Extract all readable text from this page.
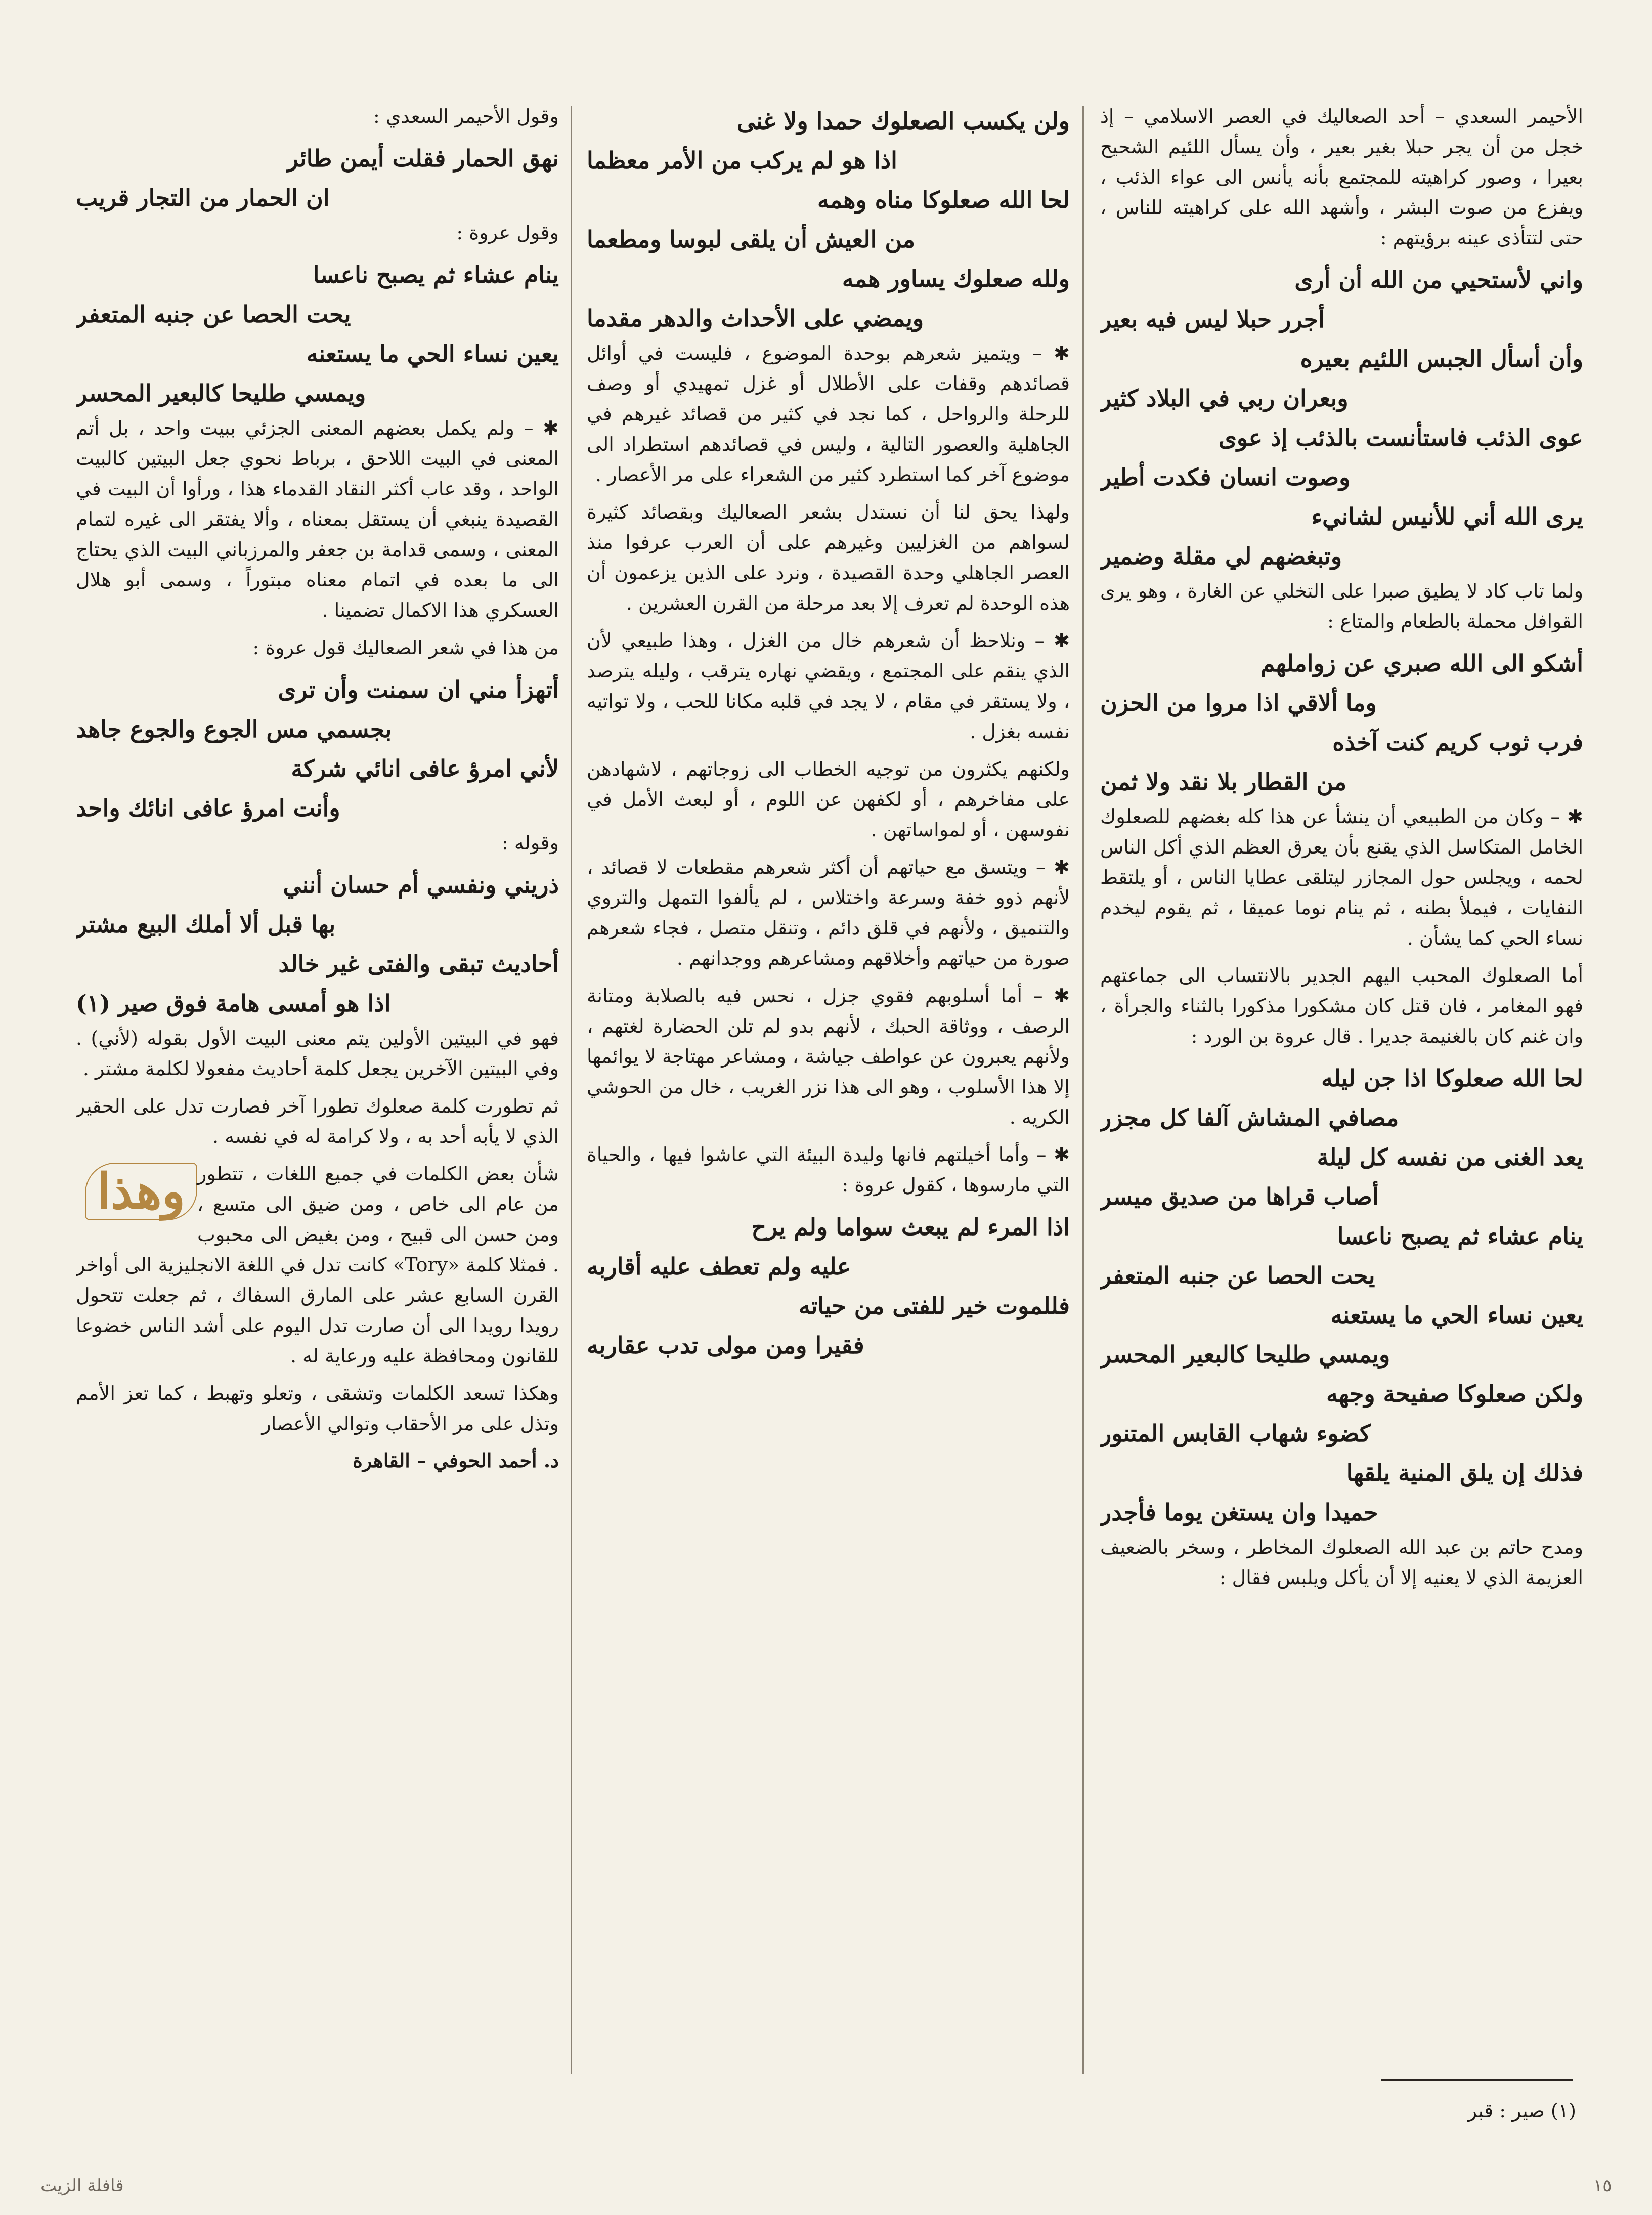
الأحيمر السعدي – أحد الصعاليك في العصر الاسلامي – إذ خجل من أن يجر حبلا بغير بعير ، وأن يسأل اللئيم الشحيح بعيرا ، وصور كراهيته للمجتمع بأنه يأنس الى عواء الذئب ، ويفزع من صوت البشر ، وأشهد الله على كراهيته للناس ، حتى لتتأذى عينه برؤيتهم :

واني لأستحيي من الله أن أرى
أجرر حبلا ليس فيه بعير
وأن أسأل الجبس اللئيم بعيره
وبعران ربي في البلاد كثير
عوى الذئب فاستأنست بالذئب إذ عوى
وصوت انسان فكدت أطير
يرى الله أني للأنيس لشانيء
وتبغضهم لي مقلة وضمير

ولما تاب كاد لا يطيق صبرا على التخلي عن الغارة ، وهو يرى القوافل محملة بالطعام والمتاع :

أشكو الى الله صبري عن زواملهم
وما ألاقي اذا مروا من الحزن
فرب ثوب كريم كنت آخذه
من القطار بلا نقد ولا ثمن

✱ – وكان من الطبيعي أن ينشأ عن هذا كله بغضهم للصعلوك الخامل المتكاسل الذي يقنع بأن يعرق العظم الذي أكل الناس لحمه ، ويجلس حول المجازر ليتلقى عطايا الناس ، أو يلتقط النفايات ، فيملأ بطنه ، ثم ينام نوما عميقا ، ثم يقوم ليخدم نساء الحي كما يشأن .

أما الصعلوك المحبب اليهم الجدير بالانتساب الى جماعتهم فهو المغامر ، فان قتل كان مشكورا مذكورا بالثناء والجرأة ، وان غنم كان بالغنيمة جديرا . قال عروة بن الورد :

لحا الله صعلوكا اذا جن ليله
مصافي المشاش آلفا كل مجزر
يعد الغنى من نفسه كل ليلة
أصاب قراها من صديق ميسر
ينام عشاء ثم يصبح ناعسا
يحت الحصا عن جنبه المتعفر
يعين نساء الحي ما يستعنه
ويمسي طليحا كالبعير المحسر
ولكن صعلوكا صفيحة وجهه
كضوء شهاب القابس المتنور
فذلك إن يلق المنية يلقها
حميدا وان يستغن يوما فأجدر

ومدح حاتم بن عبد الله الصعلوك المخاطر ، وسخر بالضعيف العزيمة الذي لا يعنيه إلا أن يأكل ويلبس فقال :

ولن يكسب الصعلوك حمدا ولا غنى
اذا هو لم يركب من الأمر معظما
لحا الله صعلوكا مناه وهمه
من العيش أن يلقى لبوسا ومطعما
ولله صعلوك يساور همه
ويمضي على الأحداث والدهر مقدما

✱ – ويتميز شعرهم بوحدة الموضوع ، فليست في أوائل قصائدهم وقفات على الأطلال أو غزل تمهيدي أو وصف للرحلة والرواحل ، كما نجد في كثير من قصائد غيرهم في الجاهلية والعصور التالية ، وليس في قصائدهم استطراد الى موضوع آخر كما استطرد كثير من الشعراء على مر الأعصار .

ولهذا يحق لنا أن نستدل بشعر الصعاليك وبقصائد كثيرة لسواهم من الغزليين وغيرهم على أن العرب عرفوا منذ العصر الجاهلي وحدة القصيدة ، ونرد على الذين يزعمون أن هذه الوحدة لم تعرف إلا بعد مرحلة من القرن العشرين .

✱ – ونلاحظ أن شعرهم خال من الغزل ، وهذا طبيعي لأن الذي ينقم على المجتمع ، ويقضي نهاره يترقب ، وليله يترصد ، ولا يستقر في مقام ، لا يجد في قلبه مكانا للحب ، ولا تواتيه نفسه بغزل .

ولكنهم يكثرون من توجيه الخطاب الى زوجاتهم ، لاشهادهن على مفاخرهم ، أو لكفهن عن اللوم ، أو لبعث الأمل في نفوسهن ، أو لمواساتهن .

✱ – ويتسق مع حياتهم أن أكثر شعرهم مقطعات لا قصائد ، لأنهم ذوو خفة وسرعة واختلاس ، لم يألفوا التمهل والتروي والتنميق ، ولأنهم في قلق دائم ، وتنقل متصل ، فجاء شعرهم صورة من حياتهم وأخلاقهم ومشاعرهم ووجدانهم .

✱ – أما أسلوبهم فقوي جزل ، نحس فيه بالصلابة ومتانة الرصف ، ووثاقة الحبك ، لأنهم بدو لم تلن الحضارة لغتهم ، ولأنهم يعبرون عن عواطف جياشة ، ومشاعر مهتاجة لا يوائمها إلا هذا الأسلوب ، وهو الى هذا نزر الغريب ، خال من الحوشي الكريه .

✱ – وأما أخيلتهم فانها وليدة البيئة التي عاشوا فيها ، والحياة التي مارسوها ، كقول عروة :

اذا المرء لم يبعث سواما ولم يرح
عليه ولم تعطف عليه أقاربه
فللموت خير للفتى من حياته
فقيرا ومن مولى تدب عقاربه

وقول الأحيمر السعدي :

نهق الحمار فقلت أيمن طائر
ان الحمار من التجار قريب

وقول عروة :

ينام عشاء ثم يصبح ناعسا
يحت الحصا عن جنبه المتعفر
يعين نساء الحي ما يستعنه
ويمسي طليحا كالبعير المحسر

✱ – ولم يكمل بعضهم المعنى الجزئي ببيت واحد ، بل أتم المعنى في البيت اللاحق ، برباط نحوي جعل البيتين كالبيت الواحد ، وقد عاب أكثر النقاد القدماء هذا ، ورأوا أن البيت في القصيدة ينبغي أن يستقل بمعناه ، وألا يفتقر الى غيره لتمام المعنى ، وسمى قدامة بن جعفر والمرزباني البيت الذي يحتاج الى ما بعده في اتمام معناه مبتوراً ، وسمى أبو هلال العسكري هذا الاكمال تضمينا .

من هذا في شعر الصعاليك قول عروة :

أتهزأ مني ان سمنت وأن ترى
بجسمي مس الجوع والجوع جاهد
لأني امرؤ عافى انائي شركة
وأنت امرؤ عافى انائك واحد

وقوله :

ذريني ونفسي أم حسان أنني
بها قبل ألا أملك البيع مشتر
أحاديث تبقى والفتى غير خالد
اذا هو أمسى هامة فوق صير (١)

فهو في البيتين الأولين يتم معنى البيت الأول بقوله (لأني) . وفي البيتين الآخرين يجعل كلمة أحاديث مفعولا لكلمة مشتر .

ثم تطورت كلمة صعلوك تطورا آخر فصارت تدل على الحقير الذي لا يأبه أحد به ، ولا كرامة له في نفسه .

وهذا شأن بعض الكلمات في جميع اللغات ، تتطور من عام الى خاص ، ومن ضيق الى متسع ، ومن حسن الى قبيح ، ومن بغيض الى محبوب . فمثلا كلمة «Tory» كانت تدل في اللغة الانجليزية الى أواخر القرن السابع عشر على المارق السفاك ، ثم جعلت تتحول رويدا رويدا الى أن صارت تدل اليوم على أشد الناس خضوعا للقانون ومحافظة عليه ورعاية له .

وهكذا تسعد الكلمات وتشقى ، وتعلو وتهبط ، كما تعز الأمم وتذل على مر الأحقاب وتوالي الأعصار

د. أحمد الحوفي – القاهرة
(١) صير : قبر
قافلة الزيت	١٥
